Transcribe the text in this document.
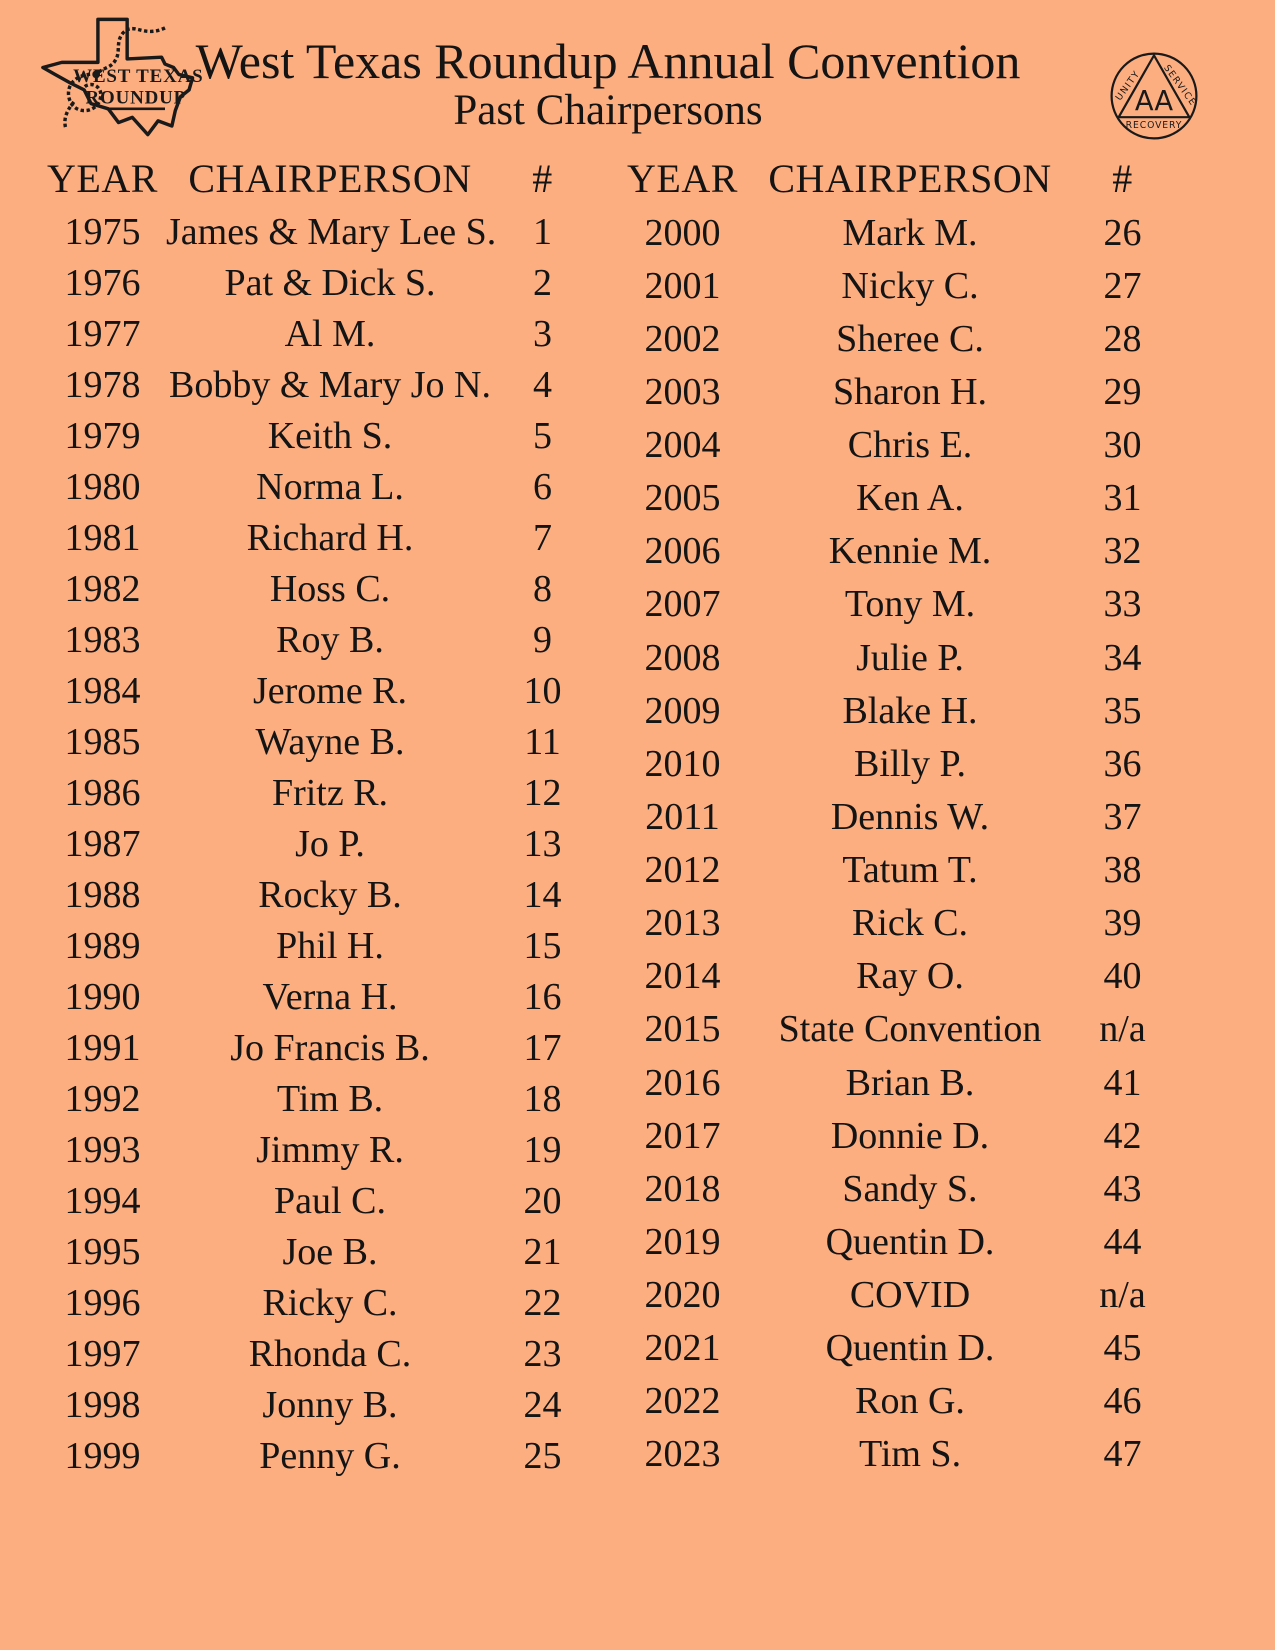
WEST TEXAS
ROUNDUP
West Texas Roundup Annual Convention
Past Chairpersons
UNITY SERVICE
AA
RECOVERY
YEAR	CHAIRPERSON	#
1975	James & Mary Lee S.	1
1976	Pat & Dick S.	2
1977	Al M.	3
1978	Bobby & Mary Jo N.	4
1979	Keith S.	5
1980	Norma L.	6
1981	Richard H.	7
1982	Hoss C.	8
1983	Roy B.	9
1984	Jerome R.	10
1985	Wayne B.	11
1986	Fritz R.	12
1987	Jo P.	13
1988	Rocky B.	14
1989	Phil H.	15
1990	Verna H.	16
1991	Jo Francis B.	17
1992	Tim B.	18
1993	Jimmy R.	19
1994	Paul C.	20
1995	Joe B.	21
1996	Ricky C.	22
1997	Rhonda C.	23
1998	Jonny B.	24
1999	Penny G.	25
YEAR	CHAIRPERSON	#
2000	Mark M.	26
2001	Nicky C.	27
2002	Sheree C.	28
2003	Sharon H.	29
2004	Chris E.	30
2005	Ken A.	31
2006	Kennie M.	32
2007	Tony M.	33
2008	Julie P.	34
2009	Blake H.	35
2010	Billy P.	36
2011	Dennis W.	37
2012	Tatum T.	38
2013	Rick C.	39
2014	Ray O.	40
2015	State Convention	n/a
2016	Brian B.	41
2017	Donnie D.	42
2018	Sandy S.	43
2019	Quentin D.	44
2020	COVID	n/a
2021	Quentin D.	45
2022	Ron G.	46
2023	Tim S.	47
